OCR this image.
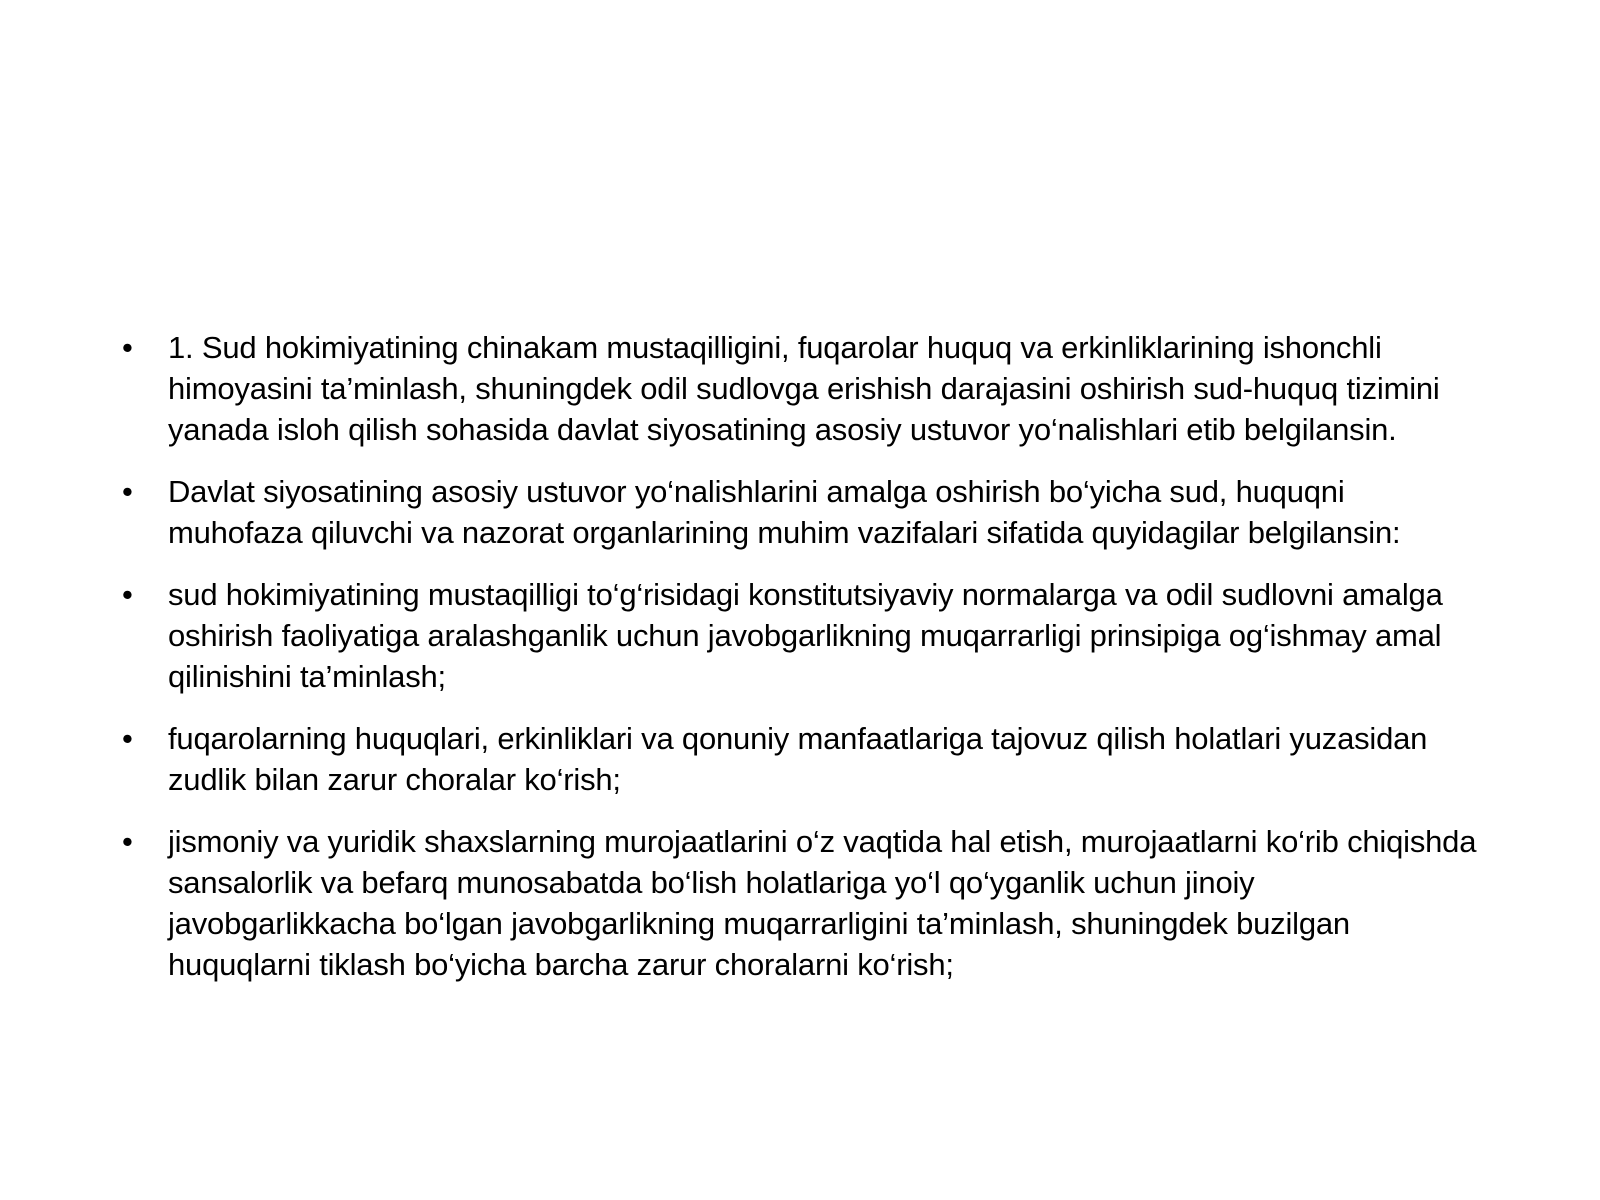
• 1. Sud hokimiyatining chinakam mustaqilligini, fuqarolar huquq va erkinliklarining ishonchli himoyasini ta’minlash, shuningdek odil sudlovga erishish darajasini oshirish sud-huquq tizimini yanada isloh qilish sohasida davlat siyosatining asosiy ustuvor yo‘nalishlari etib belgilansin.
• Davlat siyosatining asosiy ustuvor yo‘nalishlarini amalga oshirish bo‘yicha sud, huquqni muhofaza qiluvchi va nazorat organlarining muhim vazifalari sifatida quyidagilar belgilansin:
• sud hokimiyatining mustaqilligi to‘g‘risidagi konstitutsiyaviy normalarga va odil sudlovni amalga oshirish faoliyatiga aralashganlik uchun javobgarlikning muqarrarligi prinsipiga og‘ishmay amal qilinishini ta’minlash;
• fuqarolarning huquqlari, erkinliklari va qonuniy manfaatlariga tajovuz qilish holatlari yuzasidan zudlik bilan zarur choralar ko‘rish;
• jismoniy va yuridik shaxslarning murojaatlarini o‘z vaqtida hal etish, murojaatlarni ko‘rib chiqishda sansalorlik va befarq munosabatda bo‘lish holatlariga yo‘l qo‘yganlik uchun jinoiy javobgarlikkacha bo‘lgan javobgarlikning muqarrarligini ta’minlash, shuningdek buzilgan huquqlarni tiklash bo‘yicha barcha zarur choralarni ko‘rish;
